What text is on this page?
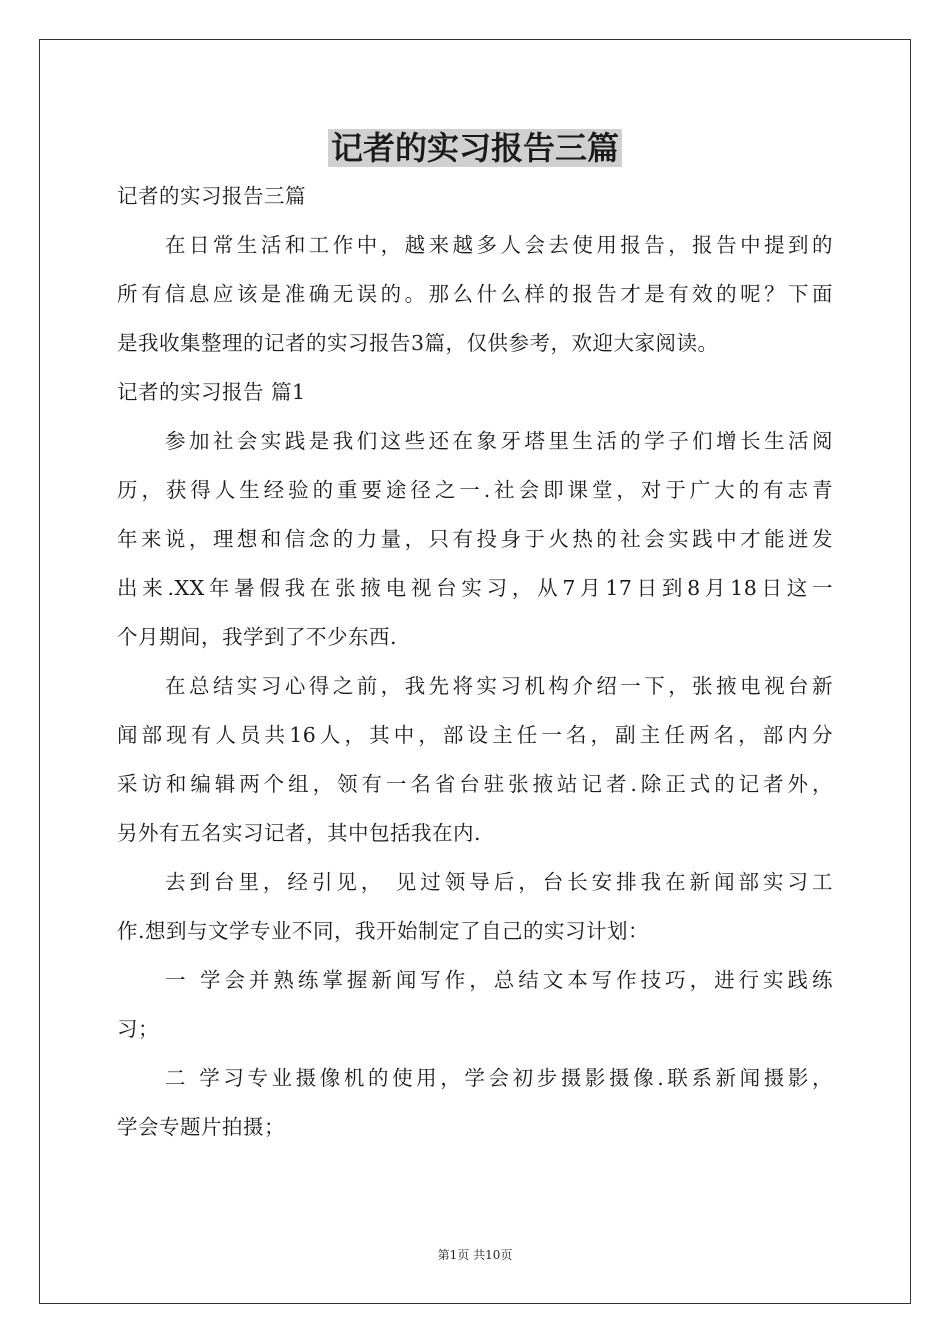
记者的实习报告三篇
记者的实习报告三篇
在日常生活和工作中，越来越多人会去使用报告，报告中提到的
所有信息应该是准确无误的。那么什么样的报告才是有效的呢？下面
是我收集整理的记者的实习报告3篇，仅供参考，欢迎大家阅读。
记者的实习报告 篇1
参加社会实践是我们这些还在象牙塔里生活的学子们增长生活阅
历，获得人生经验的重要途径之一.社会即课堂，对于广大的有志青
年来说，理想和信念的力量，只有投身于火热的社会实践中才能迸发
出来.XX年暑假我在张掖电视台实习，从7月17日到8月18日这一
个月期间，我学到了不少东西.
在总结实习心得之前，我先将实习机构介绍一下，张掖电视台新
闻部现有人员共16人，其中，部设主任一名，副主任两名，部内分
采访和编辑两个组，领有一名省台驻张掖站记者.除正式的记者外，
另外有五名实习记者，其中包括我在内.
去到台里，经引见， 见过领导后，台长安排我在新闻部实习工
作.想到与文学专业不同，我开始制定了自己的实习计划：
一 学会并熟练掌握新闻写作，总结文本写作技巧，进行实践练
习；
二 学习专业摄像机的使用，学会初步摄影摄像.联系新闻摄影，
学会专题片拍摄；
第1页 共10页
